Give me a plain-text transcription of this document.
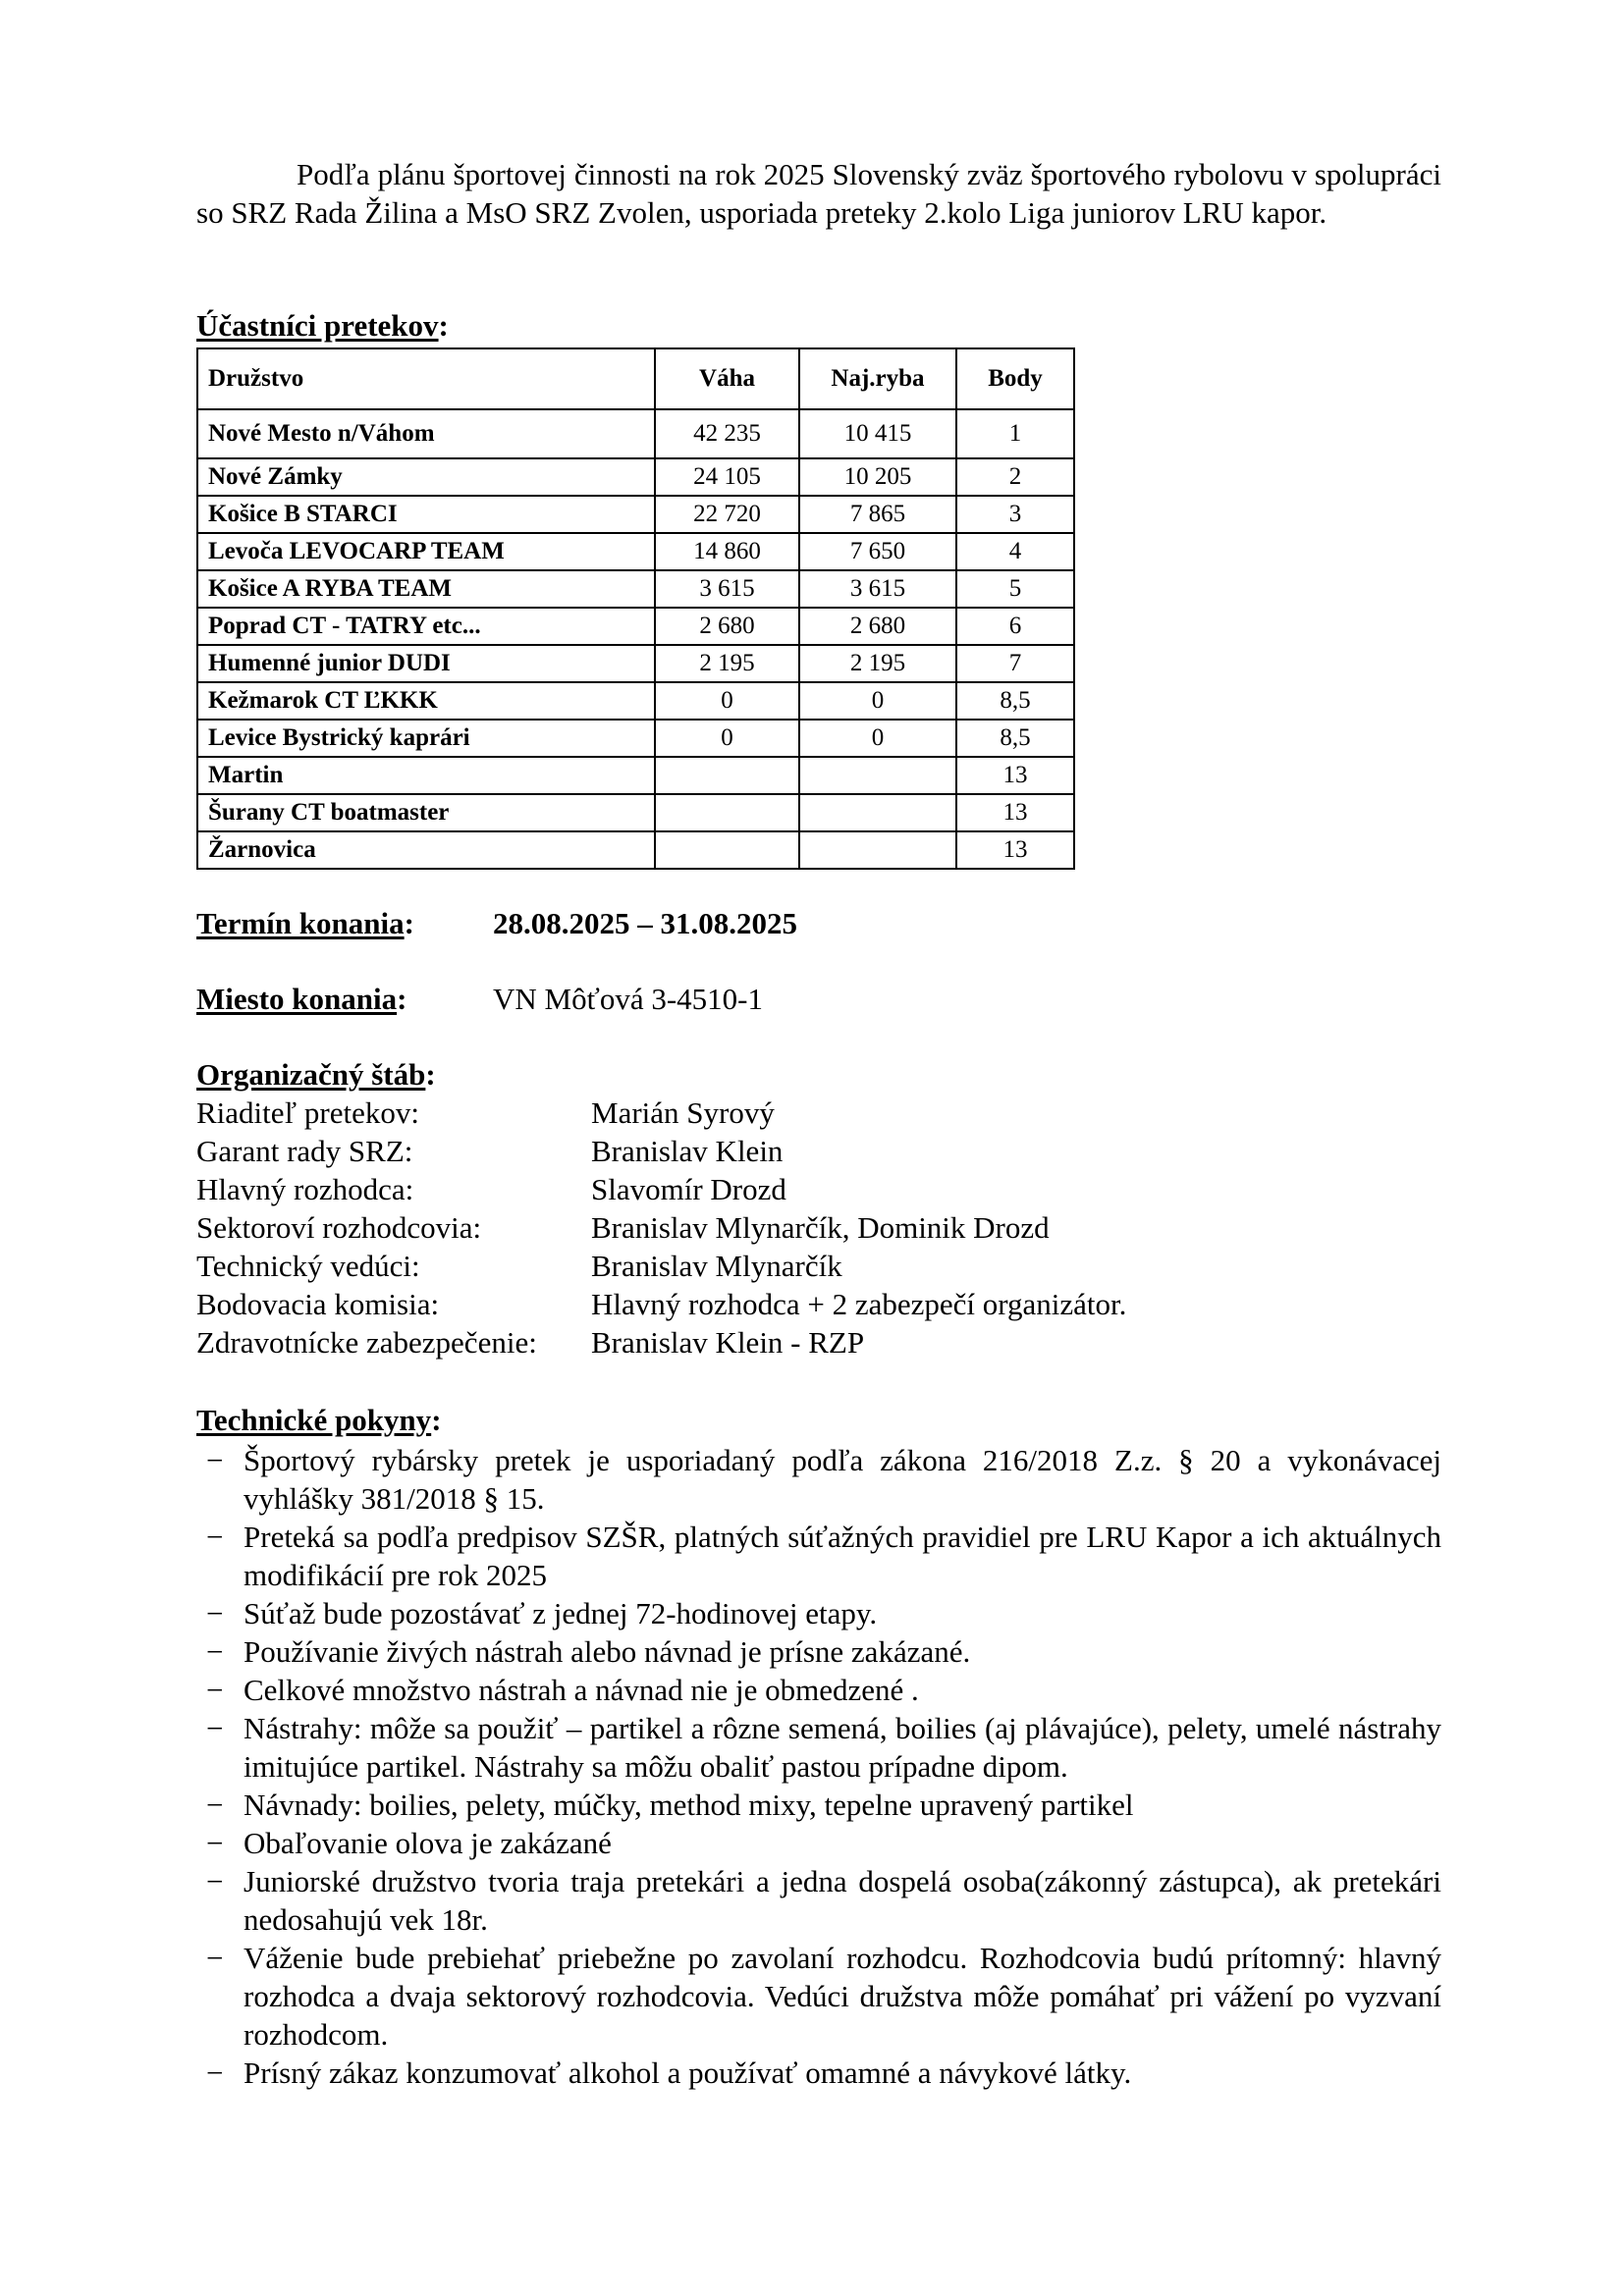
Podľa plánu športovej činnosti na rok 2025 Slovenský zväz športového rybolovu v spolupráci so SRZ Rada Žilina a MsO SRZ Zvolen, usporiada preteky 2.kolo Liga juniorov LRU kapor.

Účastníci pretekov:
Družstvo	Váha	Naj.ryba	Body
Nové Mesto n/Váhom	42 235	10 415	1
Nové Zámky	24 105	10 205	2
Košice B STARCI	22 720	7 865	3
Levoča LEVOCARP TEAM	14 860	7 650	4
Košice A RYBA TEAM	3 615	3 615	5
Poprad CT - TATRY etc...	2 680	2 680	6
Humenné junior DUDI	2 195	2 195	7
Kežmarok CT ĽKKK	0	0	8,5
Levice Bystrický kaprári	0	0	8,5
Martin			13
Šurany CT boatmaster			13
Žarnovica			13
Termín konania:	28.08.2025 – 31.08.2025
Miesto konania:	VN Môťová 3-4510-1
Organizačný štáb:
Riaditeľ pretekov:	Marián Syrový
Garant rady SRZ:	Branislav Klein
Hlavný rozhodca:	Slavomír Drozd
Sektoroví rozhodcovia:	Branislav Mlynarčík, Dominik Drozd
Technický vedúci:	Branislav Mlynarčík
Bodovacia komisia:	Hlavný rozhodca + 2 zabezpečí organizátor.
Zdravotnícke zabezpečenie: Branislav Klein - RZP
Technické pokyny:
− Športový rybársky pretek je usporiadaný podľa zákona 216/2018 Z.z. § 20 a vykonávacej vyhlášky 381/2018 § 15.
− Preteká sa podľa predpisov SZŠR, platných súťažných pravidiel pre LRU Kapor a ich aktuálnych modifikácií pre rok 2025
− Súťaž bude pozostávať z jednej 72-hodinovej etapy.
− Používanie živých nástrah alebo návnad je prísne zakázané.
− Celkové množstvo nástrah a návnad nie je obmedzené .
− Nástrahy: môže sa použiť – partikel a rôzne semená, boilies (aj plávajúce), pelety, umelé nástrahy imitujúce partikel. Nástrahy sa môžu obaliť pastou prípadne dipom.
− Návnady: boilies, pelety, múčky, method mixy, tepelne upravený partikel
− Obaľovanie olova je zakázané
− Juniorské družstvo tvoria traja pretekári a jedna dospelá osoba(zákonný zástupca), ak pretekári nedosahujú vek 18r.
− Váženie bude prebiehať priebežne po zavolaní rozhodcu. Rozhodcovia budú prítomný: hlavný rozhodca a dvaja sektorový rozhodcovia. Vedúci družstva môže pomáhať pri vážení po vyzvaní rozhodcom.
− Prísný zákaz konzumovať alkohol a používať omamné a návykové látky.
